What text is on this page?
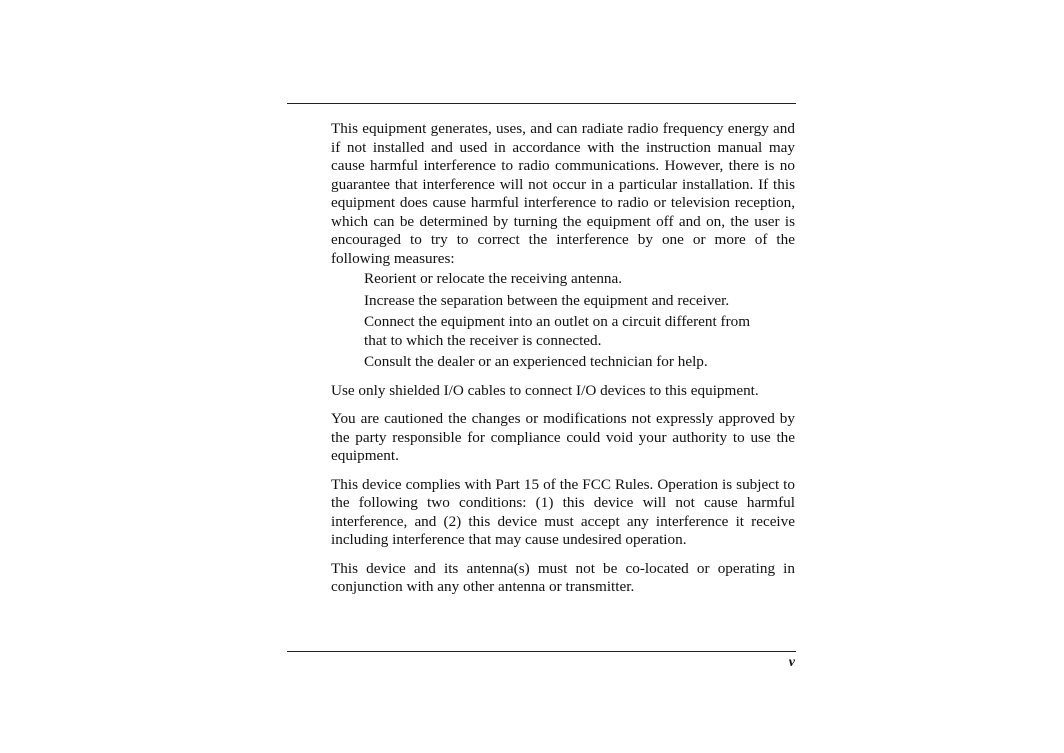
This equipment generates, uses, and can radiate radio frequency energy and if not installed and used in accordance with the instruction manual may cause harmful interference to radio communications. However, there is no guarantee that interference will not occur in a particular installation. If this equipment does cause harmful interference to radio or television reception, which can be determined by turning the equipment off and on, the user is encouraged to try to correct the interference by one or more of the following measures:

Reorient or relocate the receiving antenna.
Increase the separation between the equipment and receiver.
Connect the equipment into an outlet on a circuit different from that to which the receiver is connected.
Consult the dealer or an experienced technician for help.

Use only shielded I/O cables to connect I/O devices to this equipment.

You are cautioned the changes or modifications not expressly approved by the party responsible for compliance could void your authority to use the equipment.

This device complies with Part 15 of the FCC Rules. Operation is subject to the following two conditions: (1) this device will not cause harmful interference, and (2) this device must accept any interference it receive including interference that may cause undesired operation.

This device and its antenna(s) must not be co-located or operating in conjunction with any other antenna or transmitter.

v
